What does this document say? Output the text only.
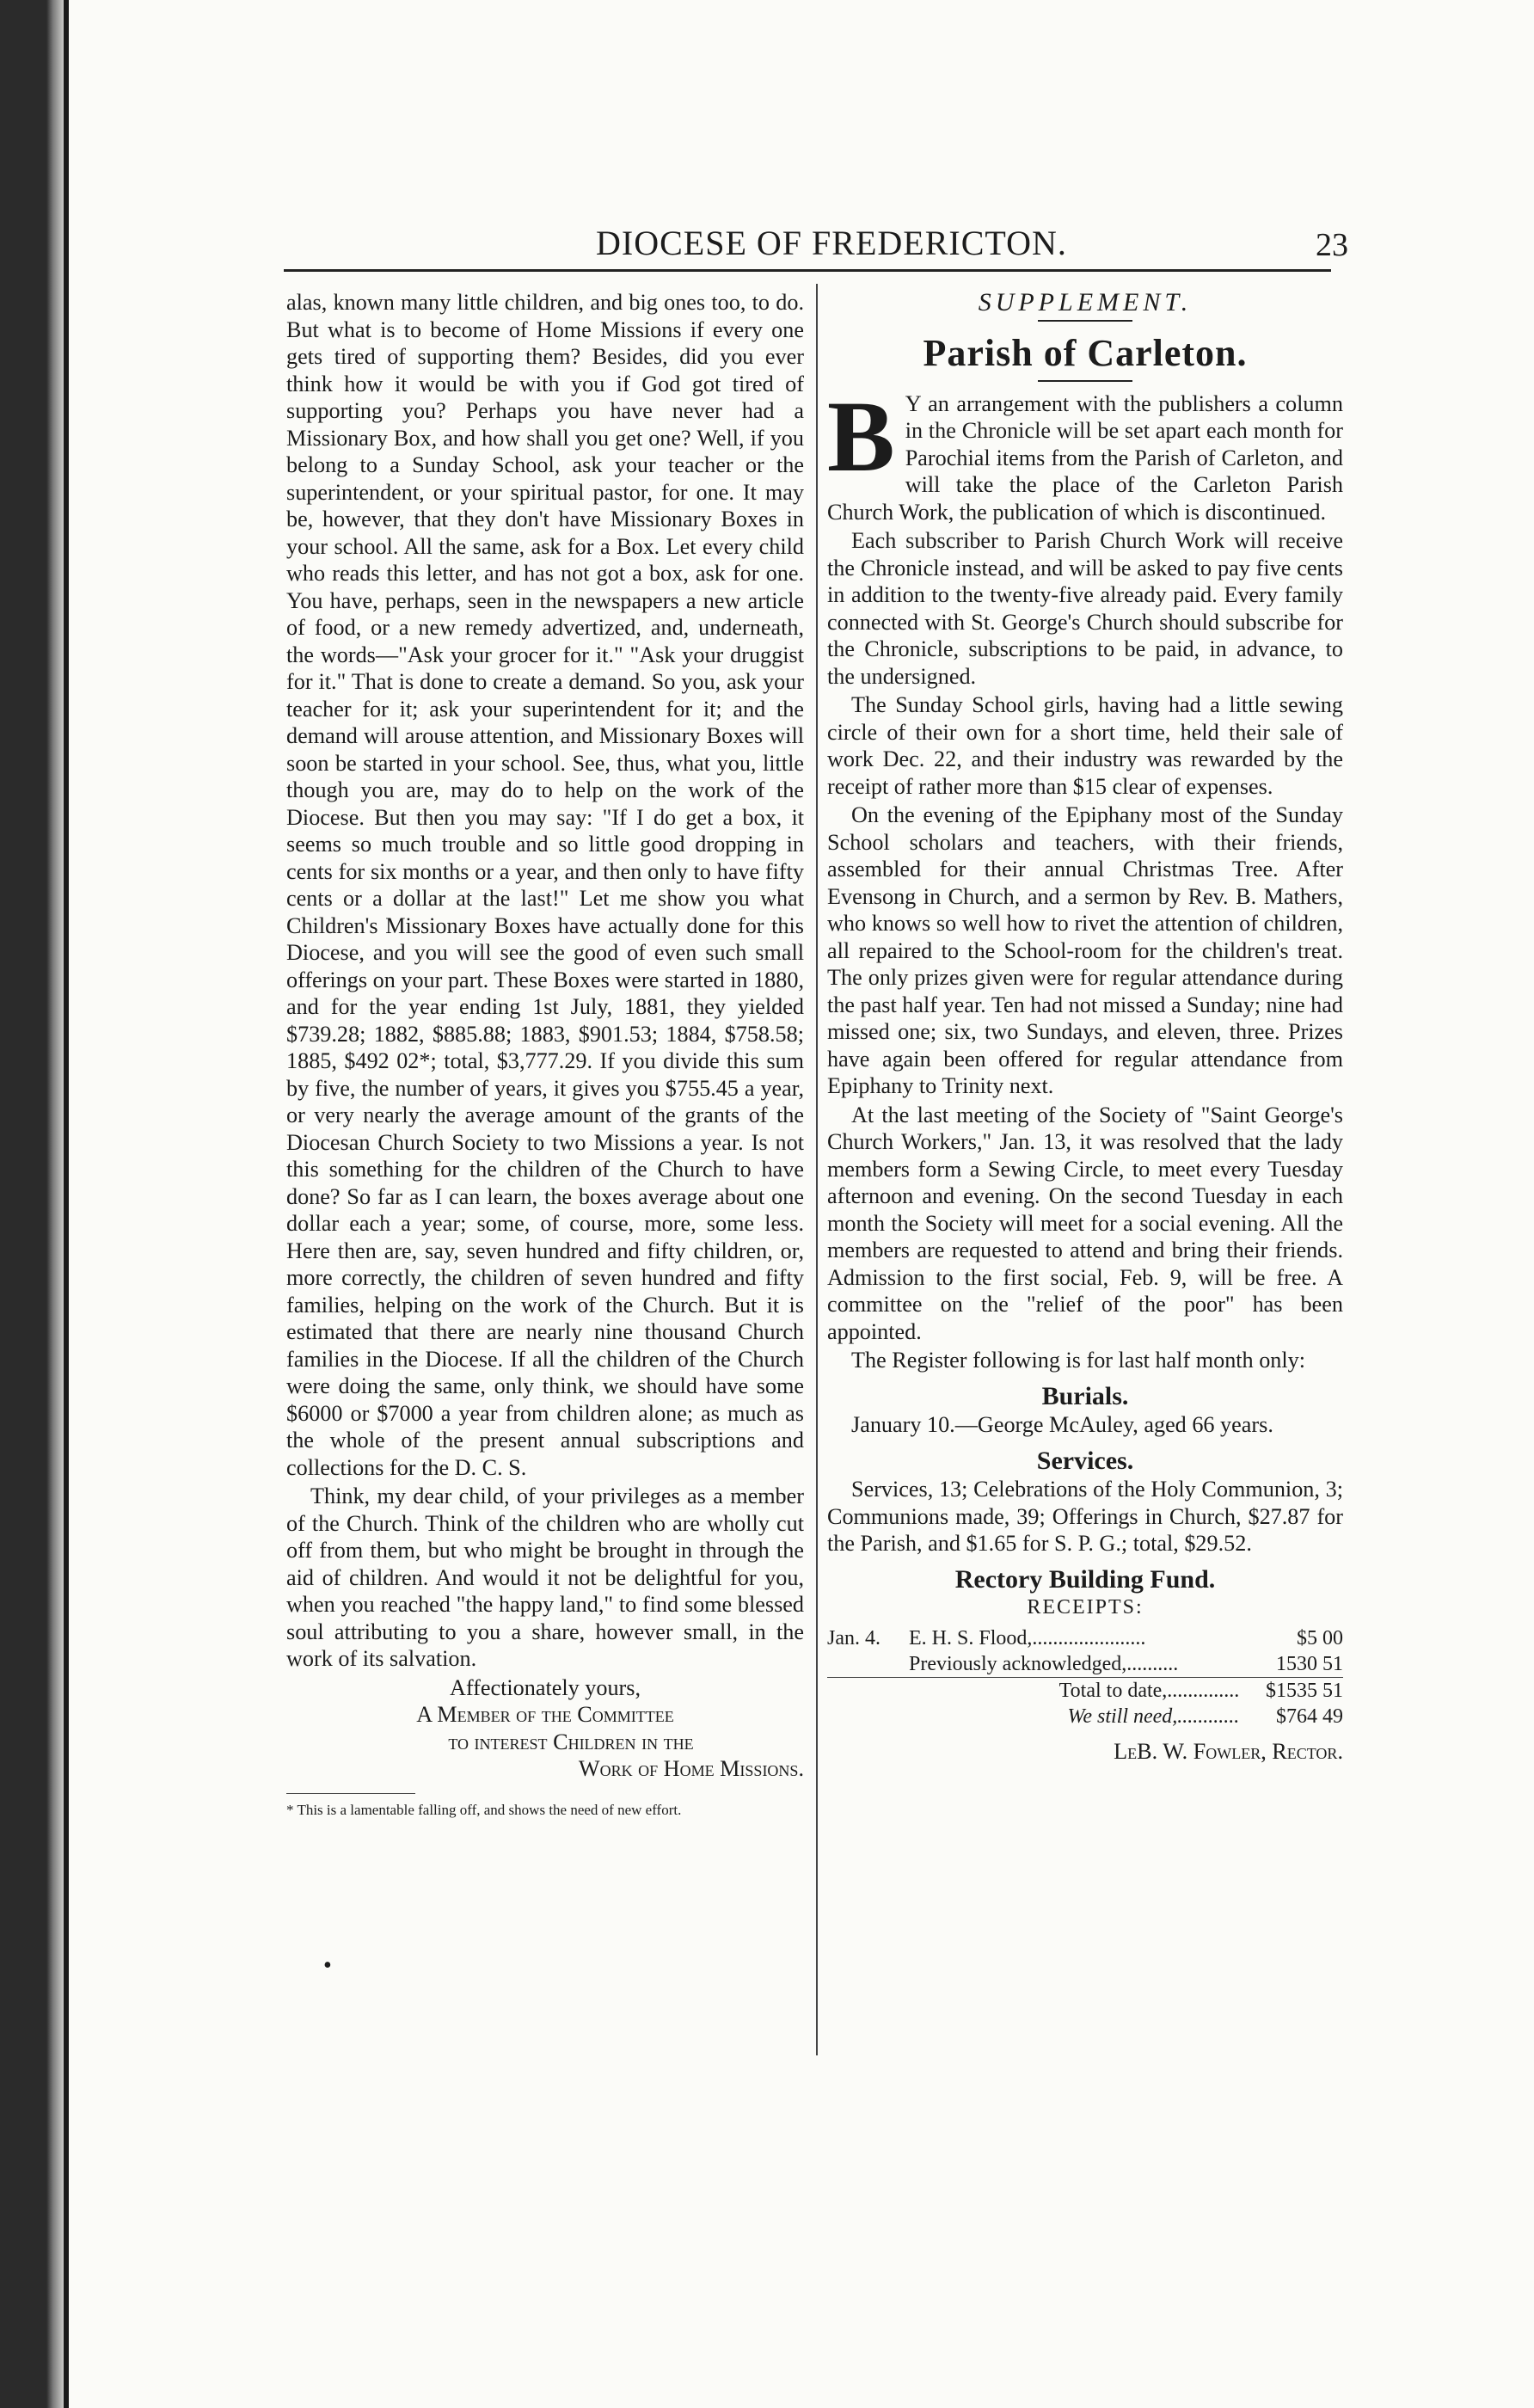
DIOCESE OF FREDERICTON.	23

alas, known many little children, and big ones too, to do. But what is to become of Home Missions if every one gets tired of supporting them? Besides, did you ever think how it would be with you if God got tired of supporting you? Perhaps you have never had a Missionary Box, and how shall you get one? Well, if you belong to a Sunday School, ask your teacher or the superintendent, or your spiritual pastor, for one. It may be, however, that they don't have Missionary Boxes in your school. All the same, ask for a Box. Let every child who reads this letter, and has not got a box, ask for one. You have, perhaps, seen in the newspapers a new article of food, or a new remedy advertized, and, underneath, the words—"Ask your grocer for it." "Ask your druggist for it." That is done to create a demand. So you, ask your teacher for it; ask your superintendent for it; and the demand will arouse attention, and Missionary Boxes will soon be started in your school. See, thus, what you, little though you are, may do to help on the work of the Diocese. But then you may say: "If I do get a box, it seems so much trouble and so little good dropping in cents for six months or a year, and then only to have fifty cents or a dollar at the last!" Let me show you what Children's Missionary Boxes have actually done for this Diocese, and you will see the good of even such small offerings on your part. These Boxes were started in 1880, and for the year ending 1st July, 1881, they yielded $739.28; 1882, $885.88; 1883, $901.53; 1884, $758.58; 1885, $492 02*; total, $3,777.29. If you divide this sum by five, the number of years, it gives you $755.45 a year, or very nearly the average amount of the grants of the Diocesan Church Society to two Missions a year. Is not this something for the children of the Church to have done? So far as I can learn, the boxes average about one dollar each a year; some, of course, more, some less. Here then are, say, seven hundred and fifty children, or, more correctly, the children of seven hundred and fifty families, helping on the work of the Church. But it is estimated that there are nearly nine thousand Church families in the Diocese. If all the children of the Church were doing the same, only think, we should have some $6000 or $7000 a year from children alone; as much as the whole of the present annual subscriptions and collections for the D. C. S.

Think, my dear child, of your privileges as a member of the Church. Think of the children who are wholly cut off from them, but who might be brought in through the aid of children. And would it not be delightful for you, when you reached "the happy land," to find some blessed soul attributing to you a share, however small, in the work of its salvation.

Affectionately yours,
A Member of the Committee
to interest Children in the
Work of Home Missions.
* This is a lamentable falling off, and shows the need of new effort.
SUPPLEMENT.
Parish of Carleton.

B Y an arrangement with the publishers a column in the Chronicle will be set apart each month for Parochial items from the Parish of Carleton, and will take the place of the Carleton Parish Church Work, the publication of which is discontinued.

Each subscriber to Parish Church Work will receive the Chronicle instead, and will be asked to pay five cents in addition to the twenty-five already paid. Every family connected with St. George's Church should subscribe for the Chronicle, subscriptions to be paid, in advance, to the undersigned.

The Sunday School girls, having had a little sewing circle of their own for a short time, held their sale of work Dec. 22, and their industry was rewarded by the receipt of rather more than $15 clear of expenses.

On the evening of the Epiphany most of the Sunday School scholars and teachers, with their friends, assembled for their annual Christmas Tree. After Evensong in Church, and a sermon by Rev. B. Mathers, who knows so well how to rivet the attention of children, all repaired to the School-room for the children's treat. The only prizes given were for regular attendance during the past half year. Ten had not missed a Sunday; nine had missed one; six, two Sundays, and eleven, three. Prizes have again been offered for regular attendance from Epiphany to Trinity next.

At the last meeting of the Society of "Saint George's Church Workers," Jan. 13, it was resolved that the lady members form a Sewing Circle, to meet every Tuesday afternoon and evening. On the second Tuesday in each month the Society will meet for a social evening. All the members are requested to attend and bring their friends. Admission to the first social, Feb. 9, will be free. A committee on the "relief of the poor" has been appointed.

The Register following is for last half month only:

Burials.

January 10.—George McAuley, aged 66 years.

Services.

Services, 13; Celebrations of the Holy Communion, 3; Communions made, 39; Offerings in Church, $27.87 for the Parish, and $1.65 for S. P. G.; total, $29.52.

Rectory Building Fund.
RECEIPTS:
Jan. 4.	E. H. S. Flood,......................	$5 00
	Previously acknowledged,..........	1530 51
	Total to date,..............	$1535 51
	We still need,............	$764 49
LeB. W. Fowler, Rector.
•
